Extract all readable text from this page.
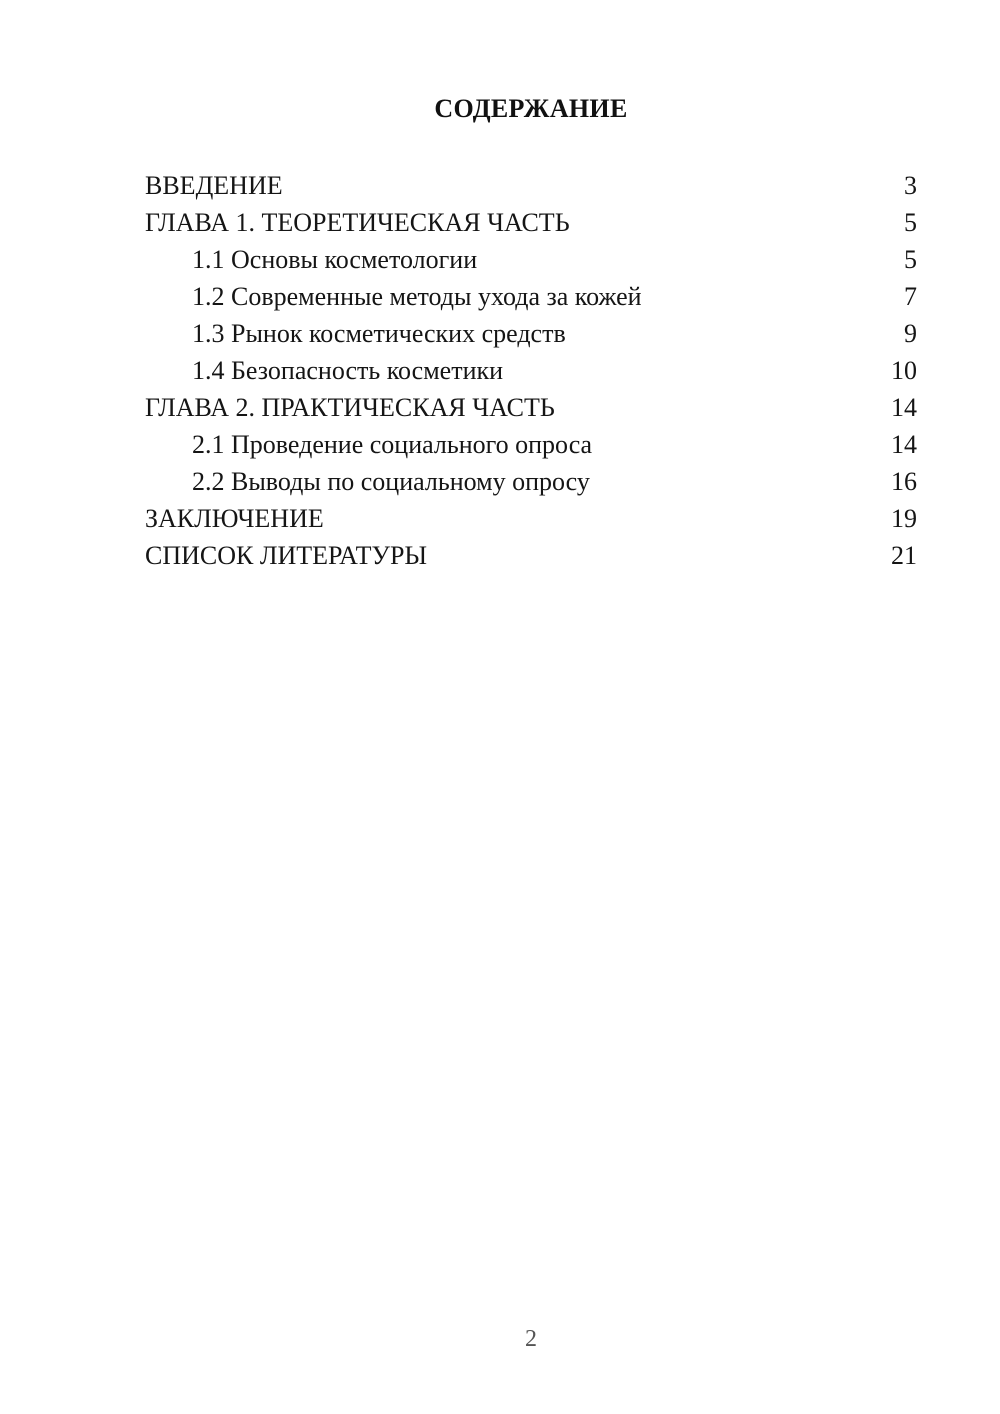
СОДЕРЖАНИЕ
ВВЕДЕНИЕ	3
ГЛАВА 1. ТЕОРЕТИЧЕСКАЯ ЧАСТЬ	5
1.1 Основы косметологии	5
1.2 Современные методы ухода за кожей	7
1.3 Рынок косметических средств	9
1.4 Безопасность косметики	10
ГЛАВА 2. ПРАКТИЧЕСКАЯ ЧАСТЬ	14
2.1 Проведение социального опроса	14
2.2 Выводы по социальному опросу	16
ЗАКЛЮЧЕНИЕ	19
СПИСОК ЛИТЕРАТУРЫ	21
2
